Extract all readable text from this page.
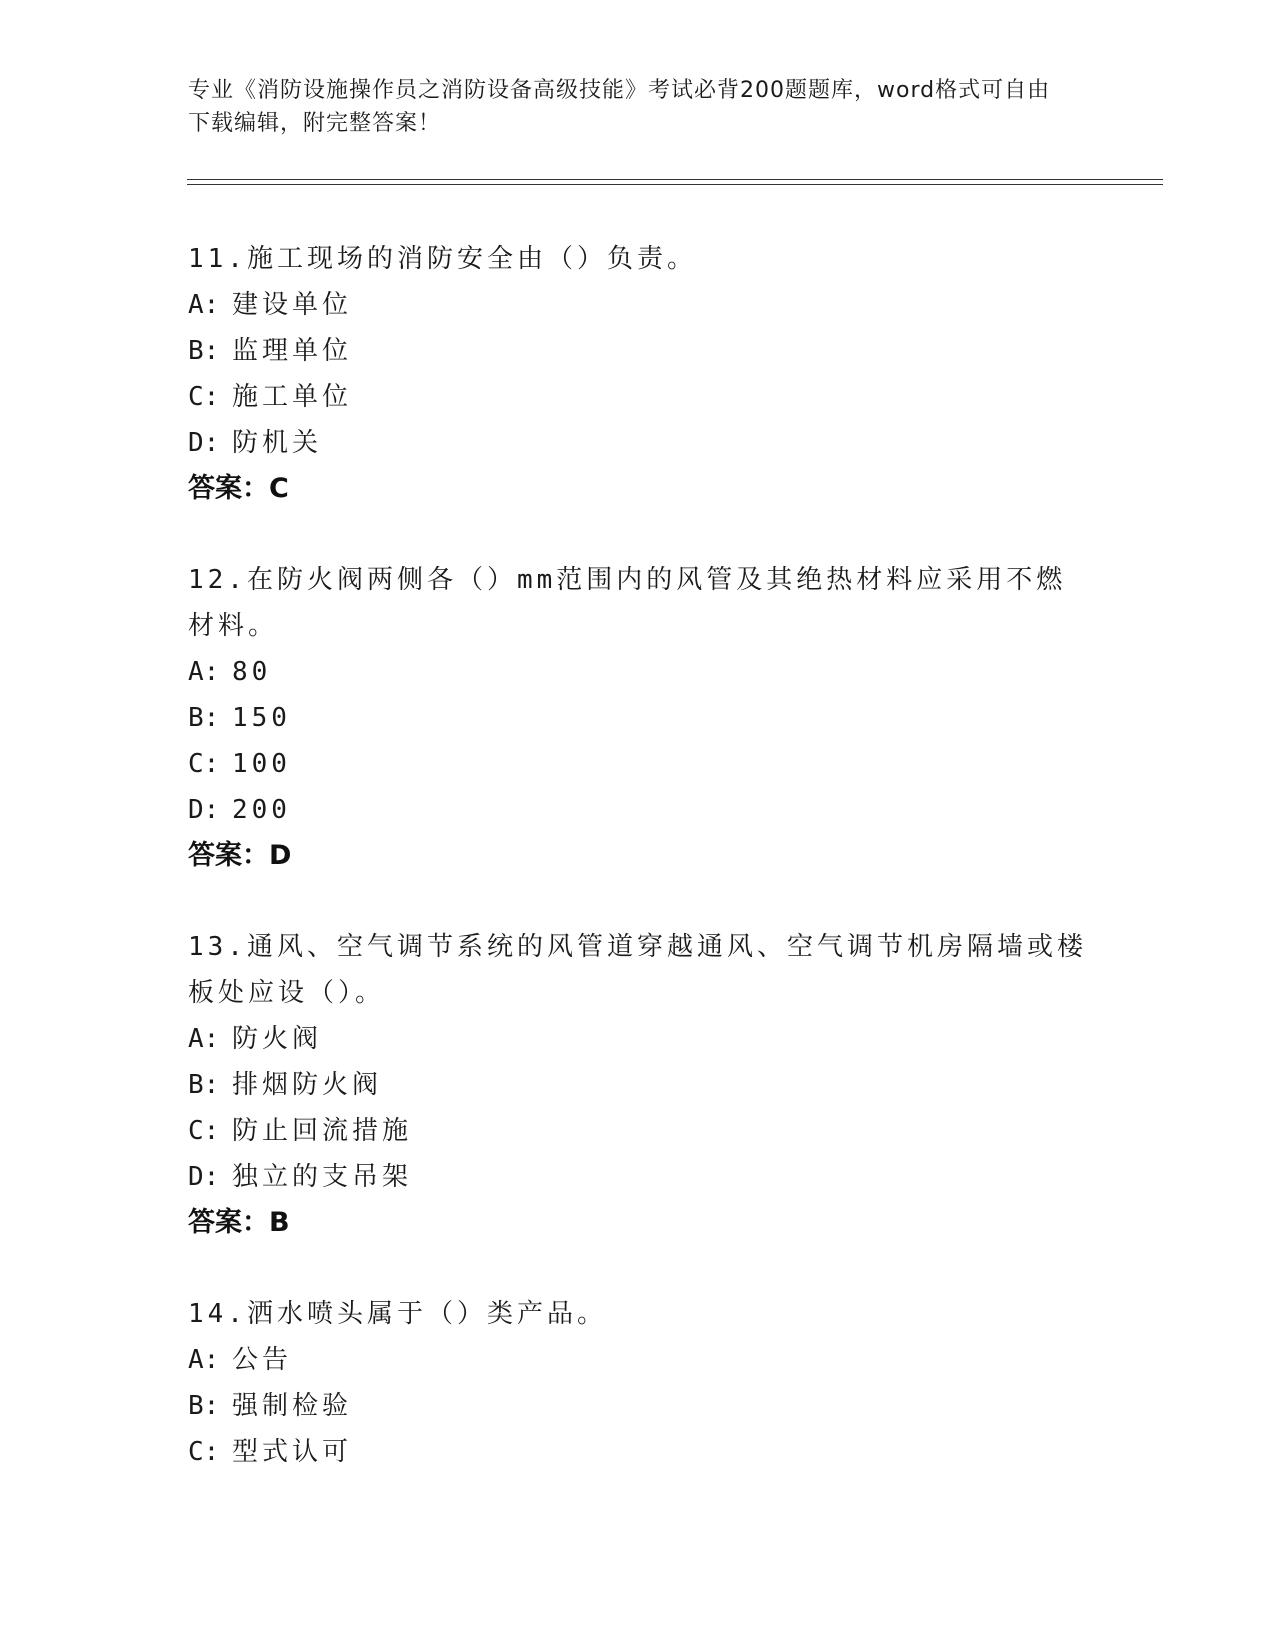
专业《消防设施操作员之消防设备高级技能》考试必背200题题库，word格式可自由下载编辑，附完整答案！
11.施工现场的消防安全由（）负责。
A: 建设单位
B: 监理单位
C: 施工单位
D: 防机关
答案：C
12.在防火阀两侧各（）mm范围内的风管及其绝热材料应采用不燃材料。
A: 80
B: 150
C: 100
D: 200
答案：D
13.通风、空气调节系统的风管道穿越通风、空气调节机房隔墙或楼板处应设（）。
A: 防火阀
B: 排烟防火阀
C: 防止回流措施
D: 独立的支吊架
答案：B
14.洒水喷头属于（）类产品。
A: 公告
B: 强制检验
C: 型式认可
